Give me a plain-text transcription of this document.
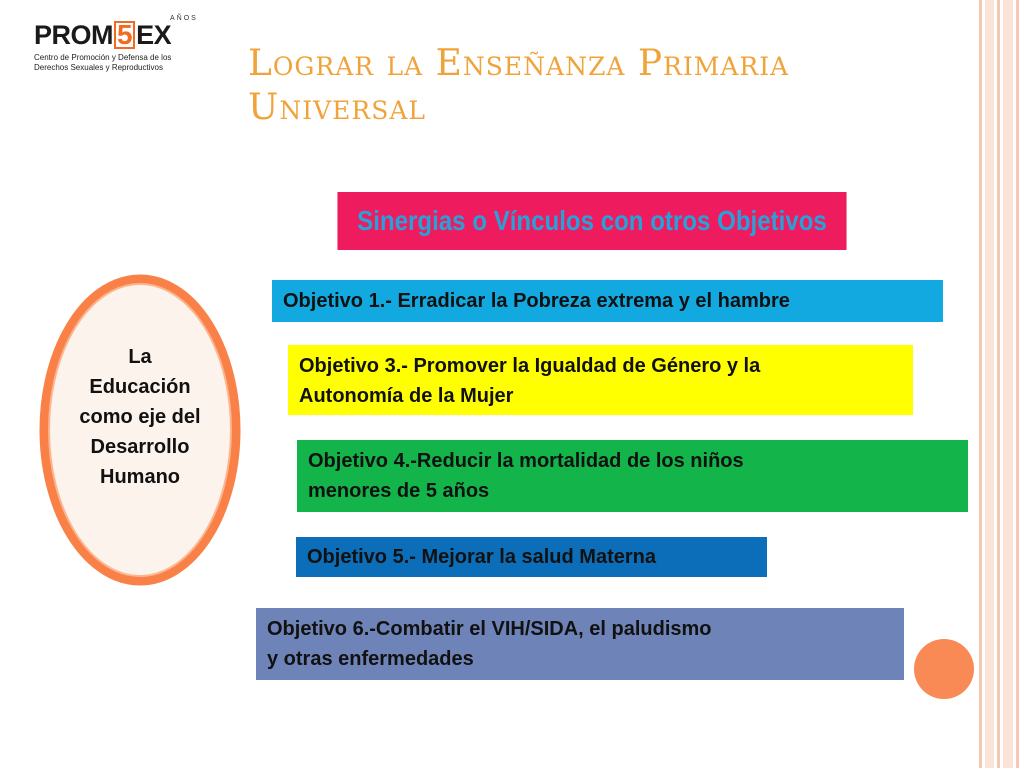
AÑOS
PROM 5 EX
Centro de Promoción y Defensa de los
Derechos Sexuales y Reproductivos Lograr la Enseñanza Primaria
Universal
Sinergias o Vínculos con otros Objetivos
La
Educación
como eje del
Desarrollo
Humano
Objetivo 1.- Erradicar la Pobreza extrema y el hambre
Objetivo 3.- Promover la Igualdad de Género y la
Autonomía de la Mujer
Objetivo 4.-Reducir la mortalidad de los niños
menores de 5 años
Objetivo 5.- Mejorar la salud Materna
Objetivo 6.-Combatir el VIH/SIDA, el paludismo
y otras enfermedades
